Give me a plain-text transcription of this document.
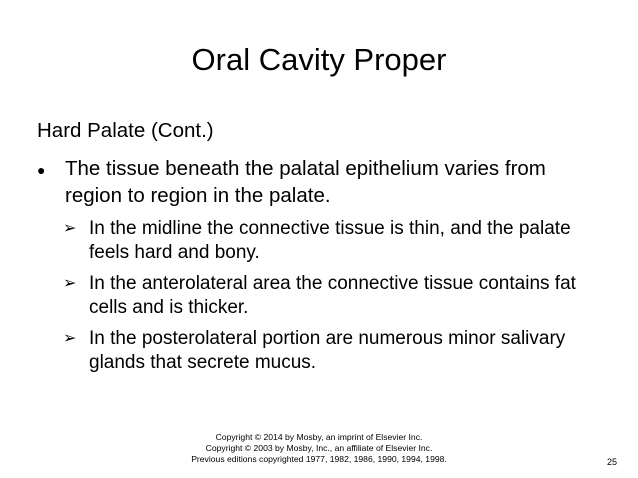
Oral Cavity Proper
Hard Palate (Cont.)
● The tissue beneath the palatal epithelium varies from region to region in the palate.
➢ In the midline the connective tissue is thin, and the palate feels hard and bony.
➢ In the anterolateral area the connective tissue contains fat cells and is thicker.
➢ In the posterolateral portion are numerous minor salivary glands that secrete mucus.
Copyright © 2014 by Mosby, an imprint of Elsevier Inc.
Copyright © 2003 by Mosby, Inc., an affiliate of Elsevier Inc.
Previous editions copyrighted 1977, 1982, 1986, 1990, 1994, 1998.	25
